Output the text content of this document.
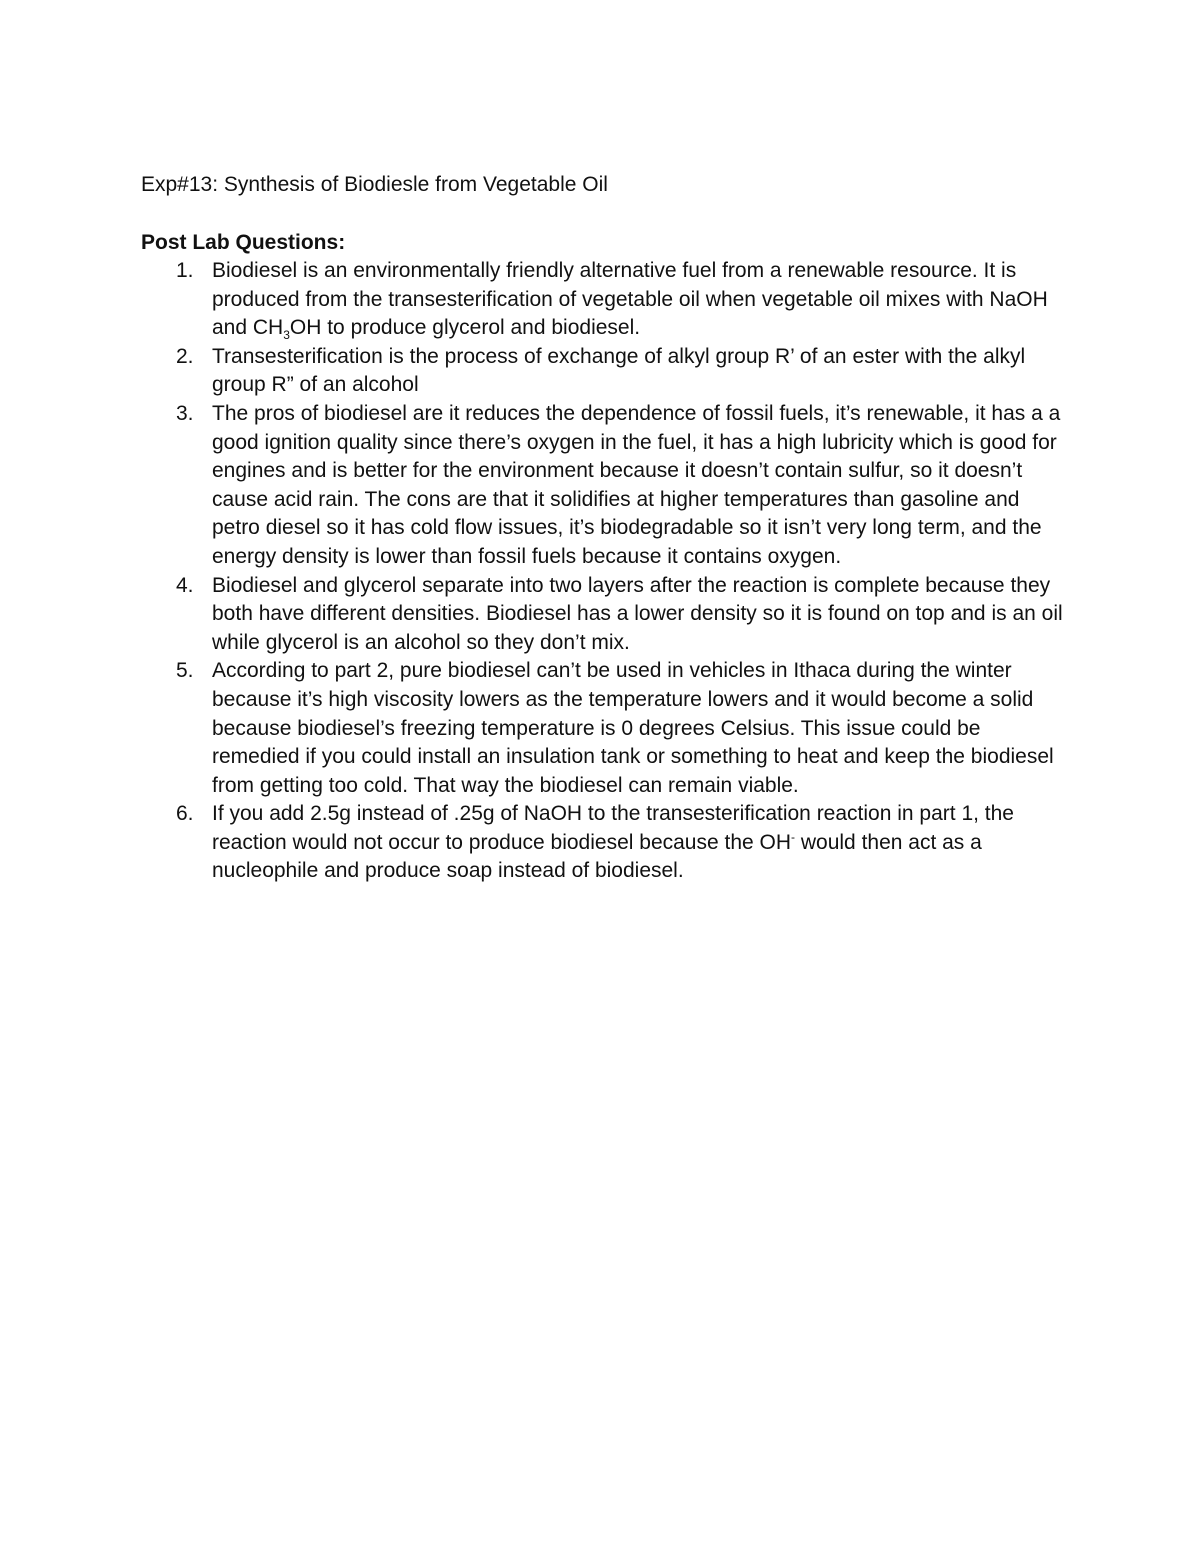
Exp#13: Synthesis of Biodiesle from Vegetable Oil

Post Lab Questions:

1. Biodiesel is an environmentally friendly alternative fuel from a renewable resource. It is produced from the transesterification of vegetable oil when vegetable oil mixes with NaOH and $CH_3OH$ to produce glycerol and biodiesel.
2. Transesterification is the process of exchange of alkyl group R’ of an ester with the alkyl group R” of an alcohol
3. The pros of biodiesel are it reduces the dependence of fossil fuels, it’s renewable, it has a a good ignition quality since there’s oxygen in the fuel, it has a high lubricity which is good for engines and is better for the environment because it doesn’t contain sulfur, so it doesn’t cause acid rain. The cons are that it solidifies at higher temperatures than gasoline and petro diesel so it has cold flow issues, it’s biodegradable so it isn’t very long term, and the energy density is lower than fossil fuels because it contains oxygen.
4. Biodiesel and glycerol separate into two layers after the reaction is complete because they both have different densities. Biodiesel has a lower density so it is found on top and is an oil while glycerol is an alcohol so they don’t mix.
5. According to part 2, pure biodiesel can’t be used in vehicles in Ithaca during the winter because it’s high viscosity lowers as the temperature lowers and it would become a solid because biodiesel’s freezing temperature is 0 degrees Celsius. This issue could be remedied if you could install an insulation tank or something to heat and keep the biodiesel from getting too cold. That way the biodiesel can remain viable.
6. If you add 2.5g instead of .25g of NaOH to the transesterification reaction in part 1, the reaction would not occur to produce biodiesel because the OH- would then act as a nucleophile and produce soap instead of biodiesel.
